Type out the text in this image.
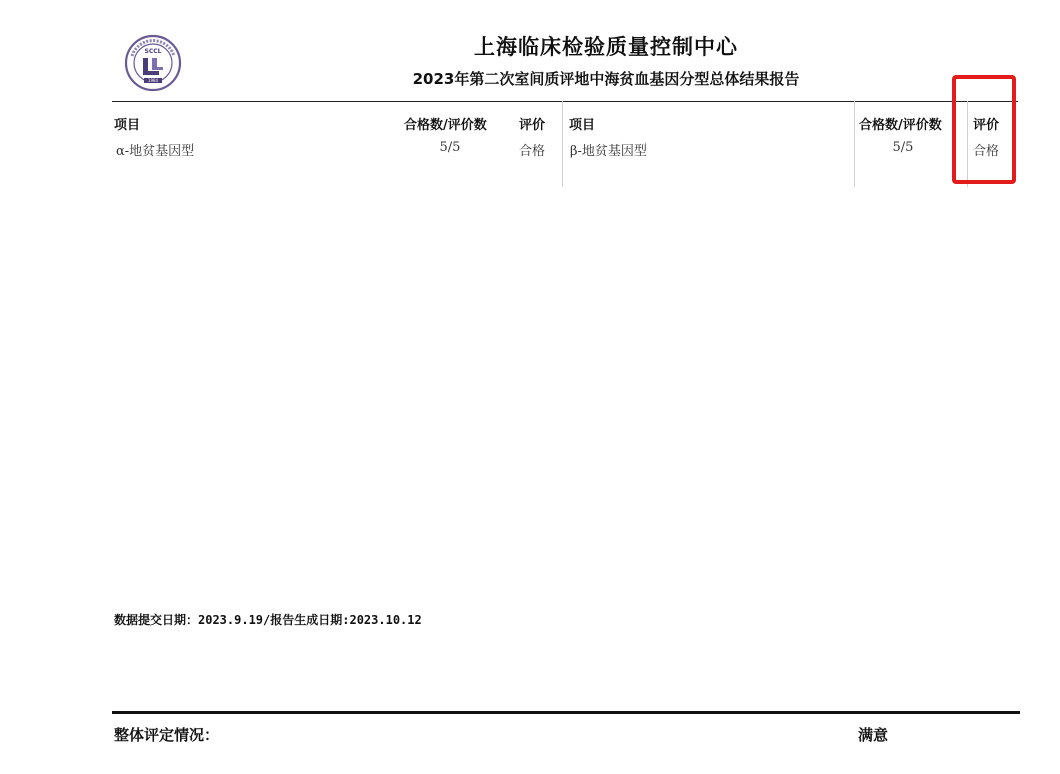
SCCL
1984
上海临床检验质量控制中心
2023年第二次室间质评地中海贫血基因分型总体结果报告
项目	合格数/评价数 评价 项目	合格数/评价数 评价
α-地贫基因型	5/5	合格 β-地贫基因型	5/5	合格
数据提交日期：2023.9.19/报告生成日期:2023.10.12
整体评定情况：	满意
